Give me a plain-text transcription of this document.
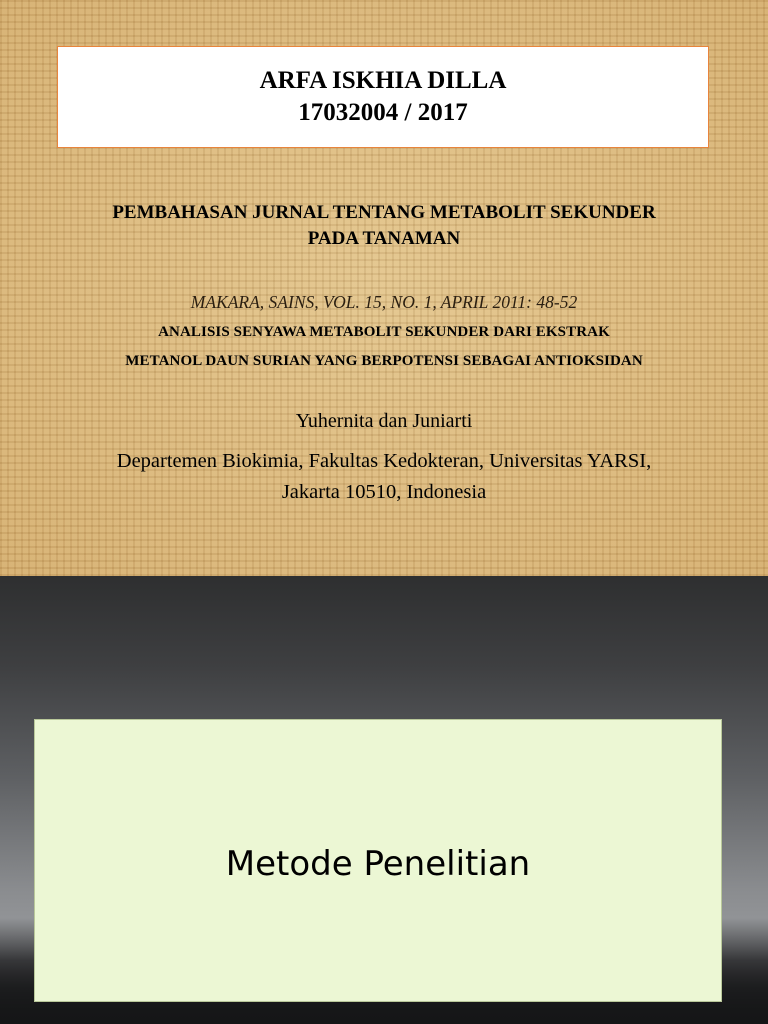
ARFA ISKHIA DILLA
17032004 / 2017
PEMBAHASAN JURNAL TENTANG METABOLIT SEKUNDER
PADA TANAMAN
MAKARA, SAINS, VOL. 15, NO. 1, APRIL 2011: 48-52
ANALISIS SENYAWA METABOLIT SEKUNDER DARI EKSTRAK
METANOL DAUN SURIAN YANG BERPOTENSI SEBAGAI ANTIOKSIDAN
Yuhernita dan Juniarti
Departemen Biokimia, Fakultas Kedokteran, Universitas YARSI,
Jakarta 10510, Indonesia
Metode Penelitian
